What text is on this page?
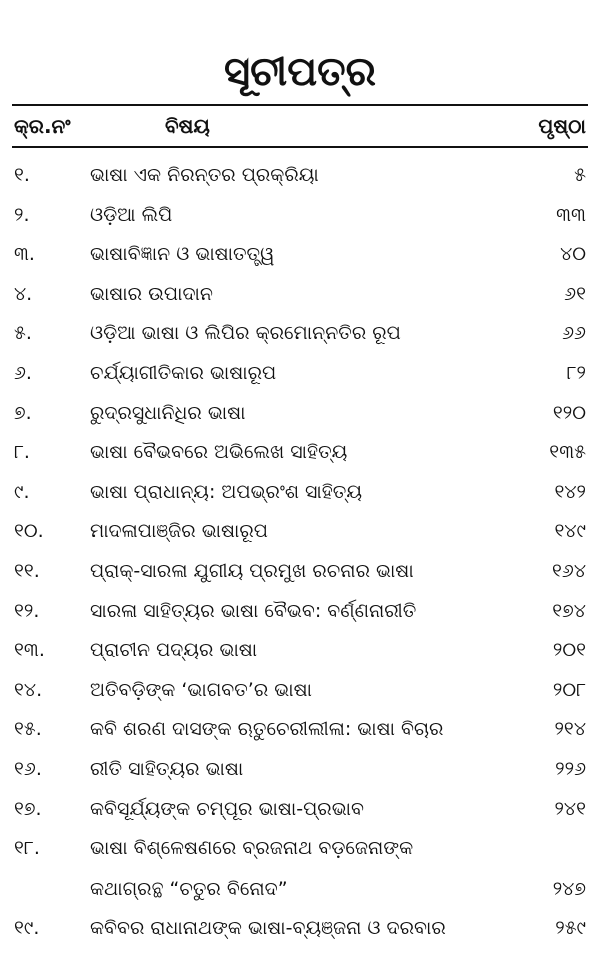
ସୂଚୀପତ୍ର
କ୍ର.ନଂ	ବିଷୟ	ପୃଷ୍ଠା
୧.	ଭାଷା ଏକ ନିରନ୍ତର ପ୍ରକ୍ରିୟା	୫
୨.	ଓଡ଼ିଆ ଲିପି	୩୩
୩.	ଭାଷାବିଜ୍ଞାନ ଓ ଭାଷାତତ୍ତ୍ୱ	୪୦
୪.	ଭାଷାର ଉପାଦାନ	୬୧
୫.	ଓଡ଼ିଆ ଭାଷା ଓ ଲିପିର କ୍ରମୋନ୍ନତିର ରୂପ	୬୬
୬.	ଚର୍ଯ୍ୟାଗୀତିକାର ଭାଷାରୂପ	୮୨
୭.	ରୁଦ୍ରସୁଧାନିଧିର ଭାଷା	୧୨୦
୮.	ଭାଷା ବୈଭବରେ ଅଭିଲେଖ ସାହିତ୍ୟ	୧୩୫
୯.	ଭାଷା ପ୍ରାଧାନ୍ୟ: ଅପଭ୍ରଂଶ ସାହିତ୍ୟ	୧୪୨
୧୦. ମାଦଳାପାଞ୍ଜିର ଭାଷାରୂପ	୧୪୯
୧୧.	ପ୍ରାକ୍-ସାରଳା ଯୁଗୀୟ ପ୍ରମୁଖ ରଚନାର ଭାଷା	୧୬୪
୧୨.	ସାରଳା ସାହିତ୍ୟର ଭାଷା ବୈଭବ: ବର୍ଣ୍ଣନାରୀତି	୧୭୪
୧୩. ପ୍ରାଚୀନ ପଦ୍ୟର ଭାଷା	୨୦୧
୧୪.	ଅତିବଡ଼ିଙ୍କ ‘ଭାଗବତ’ର ଭାଷା	୨୦୮
୧୫.	କବି ଶରଣ ଦାସଙ୍କ ଋତୁଚେରୀଲୀଳା: ଭାଷା ବିଚାର	୨୧୪
୧୬.	ରୀତି ସାହିତ୍ୟର ଭାଷା	୨୨୬
୧୭.	କବିସୂର୍ଯ୍ୟଙ୍କ ଚମ୍ପୂର ଭାଷା-ପ୍ରଭାବ	୨୪୧
୧୮.	ଭାଷା ବିଶ୍ଳେଷଣରେ ବ୍ରଜନାଥ ବଡ଼ଜେନାଙ୍କ
କଥାଗ୍ରନ୍ଥ “ଚତୁର ବିନୋଦ”	୨୪୭
୧୯.	କବିବର ରାଧାନାଥଙ୍କ ଭାଷା-ବ୍ୟଞ୍ଜନା ଓ ଦରବାର	୨୫୯
